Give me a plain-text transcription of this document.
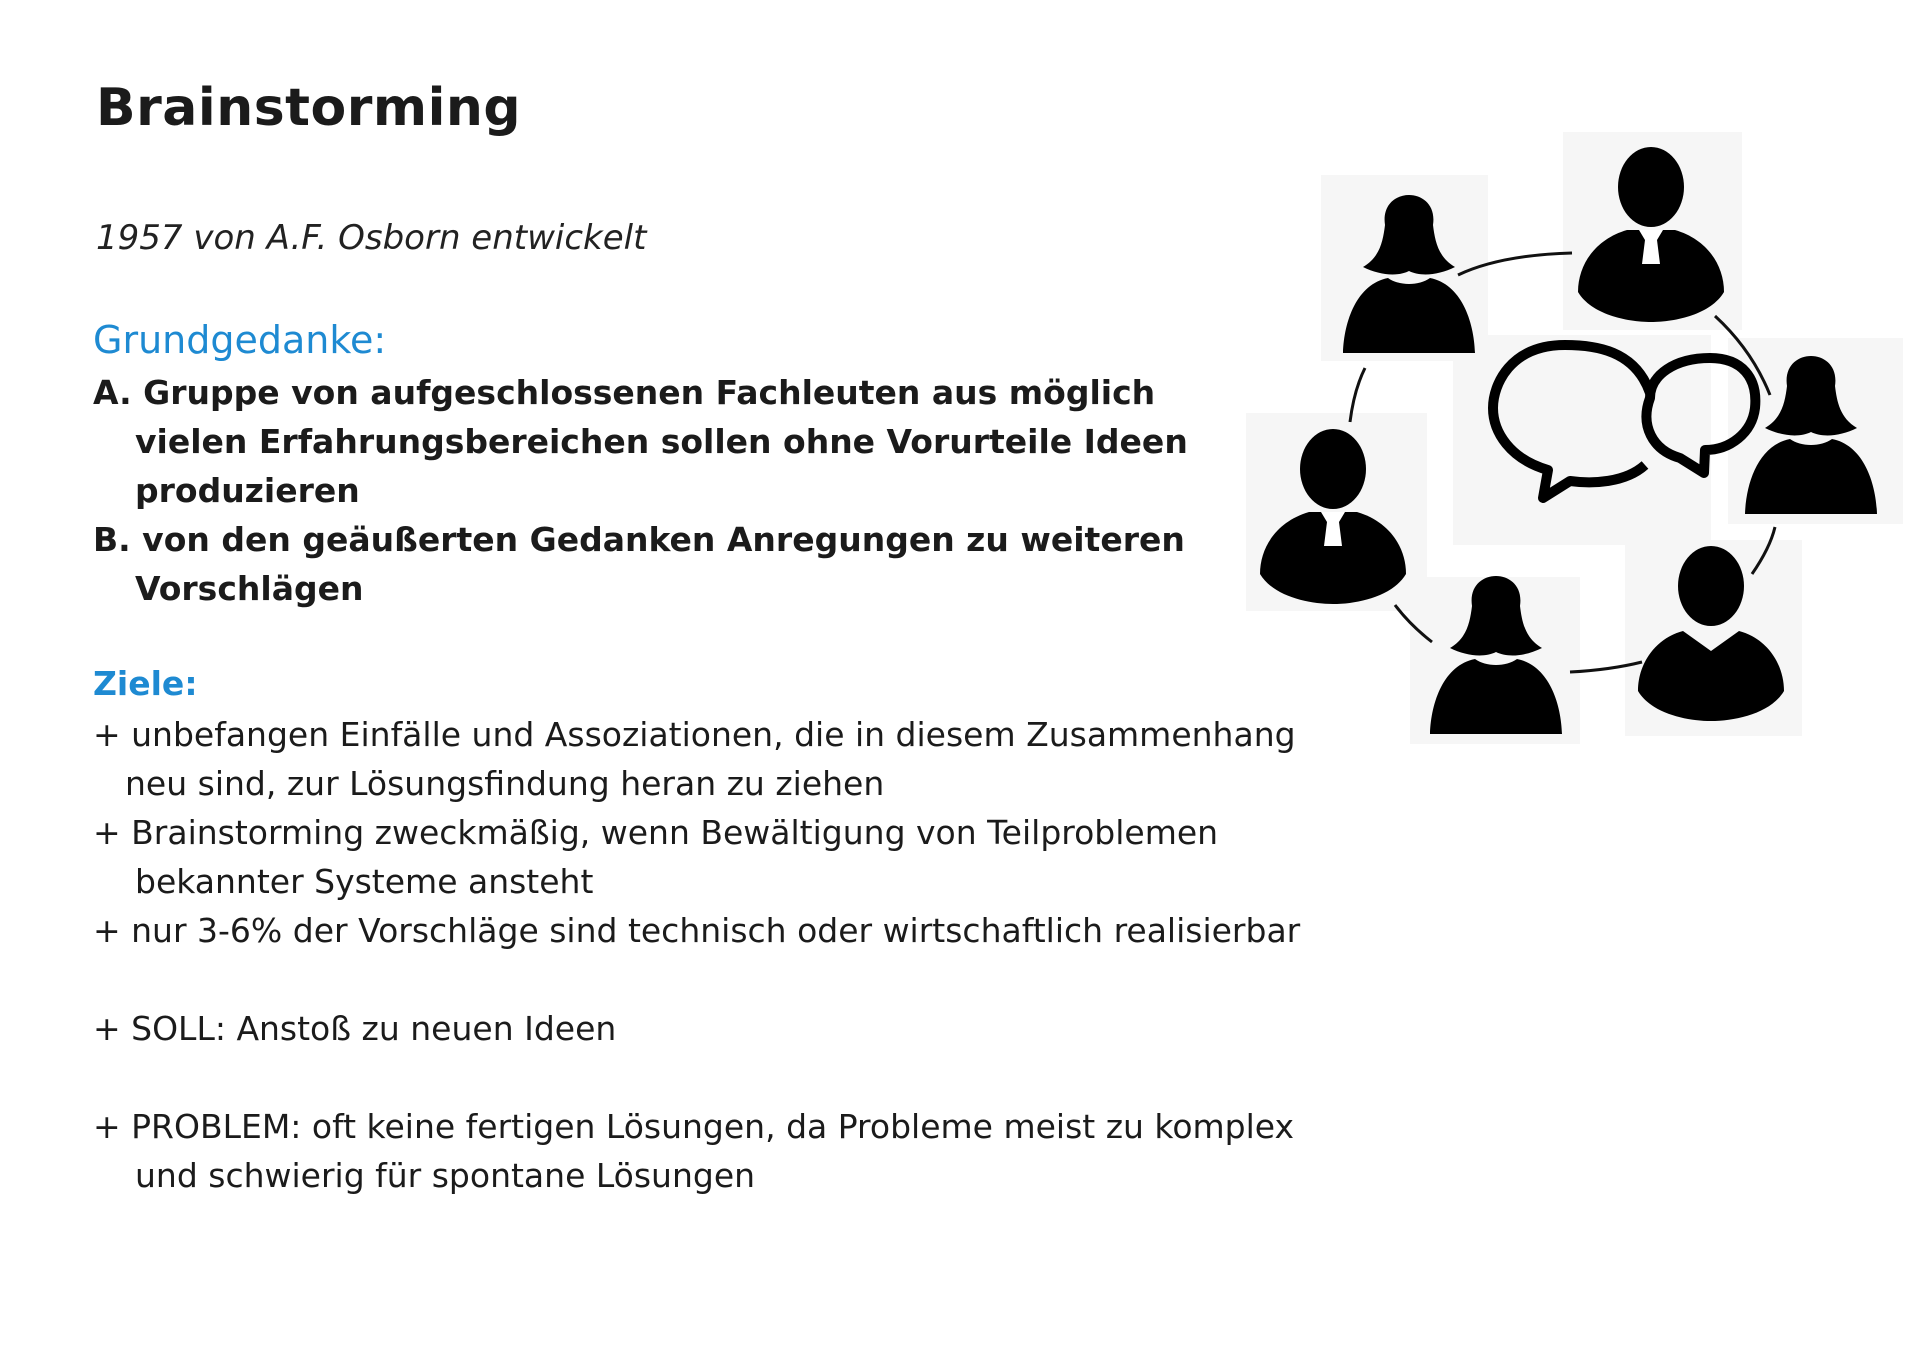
Brainstorming
1957 von A.F. Osborn entwickelt
Grundgedanke:
A. Gruppe von aufgeschlossenen Fachleuten aus möglich vielen Erfahrungsbereichen sollen ohne Vorurteile Ideen produzieren
B. von den geäußerten Gedanken Anregungen zu weiteren Vorschlägen
Ziele:
+ unbefangen Einfälle und Assoziationen, die in diesem Zusammenhang neu sind, zur Lösungsfindung heran zu ziehen
+ Brainstorming zweckmäßig, wenn Bewältigung von Teilproblemen bekannter Systeme ansteht
+ nur 3-6% der Vorschläge sind technisch oder wirtschaftlich realisierbar
+ SOLL: Anstoß zu neuen Ideen
+ PROBLEM: oft keine fertigen Lösungen, da Probleme meist zu komplex und schwierig für spontane Lösungen
